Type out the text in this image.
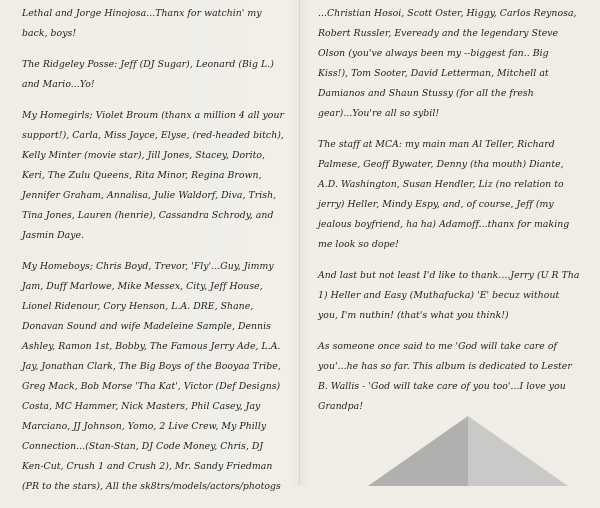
Lethal and Jorge Hinojosa...Thanx for watchin' my back, boys!

The Ridgeley Posse: Jeff (DJ Sugar), Leonard (Big L.) and Mario...Yo!

My Homegirls; Violet Broum (thanx a million 4 all your support!), Carla, Miss Joyce, Elyse, (red-headed bitch), Kelly Minter (movie star), Jill Jones, Stacey, Dorito, Keri, The Zulu Queens, Rita Minor, Regina Brown, Jennifer Graham, Annalisa, Julie Waldorf, Diva, Trish, Tina Jones, Lauren (henrie), Cassandra Schrody, and Jasmin Daye.

My Homeboys; Chris Boyd, Trevor, 'Fly'...Guy, Jimmy Jam, Duff Marlowe, Mike Messex, City, Jeff House, Lionel Ridenour, Cory Henson, L.A. DRE, Shane, Donavan Sound and wife Madeleine Sample, Dennis Ashley, Ramon 1st, Bobby, The Famous Jerry Ade, L.A. Jay, Jonathan Clark, The Big Boys of the Booyaa Tribe, Greg Mack, Bob Morse 'Tha Kat', Victor (Def Designs) Costa, MC Hammer, Nick Masters, Phil Casey, Jay Marciano, JJ Johnson, Yomo, 2 Live Crew, My Philly Connection...(Stan-Stan, DJ Code Money, Chris, DJ Ken-Cut, Crush 1 and Crush 2), Mr. Sandy Friedman (PR to the stars), All the sk8trs/models/actors/photogs

...Christian Hosoi, Scott Oster, Higgy, Carlos Reynosa, Robert Russler, Eveready and the legendary Steve Olson (you've always been my --biggest fan.. Big Kiss!), Tom Sooter, David Letterman, Mitchell at Damianos and Shaun Stussy (for all the fresh gear)...You're all so sybil!

The staff at MCA: my main man Al Teller, Richard Palmese, Geoff Bywater, Denny (tha mouth) Diante, A.D. Washington, Susan Hendler, Liz (no relation to jerry) Heller, Mindy Espy, and, of course, Jeff (my jealous boyfriend, ha ha) Adamoff...thanx for making me look so dope!

And last but not least I'd like to thank....Jerry (U R Tha 1) Heller and Easy (Muthafucka) 'E' becuz without you, I'm nuthin! (that's what you think!)

As someone once said to me 'God will take care of you'...he has so far. This album is dedicated to Lester B. Wallis - 'God will take care of you too'...I love you Grandpa!
